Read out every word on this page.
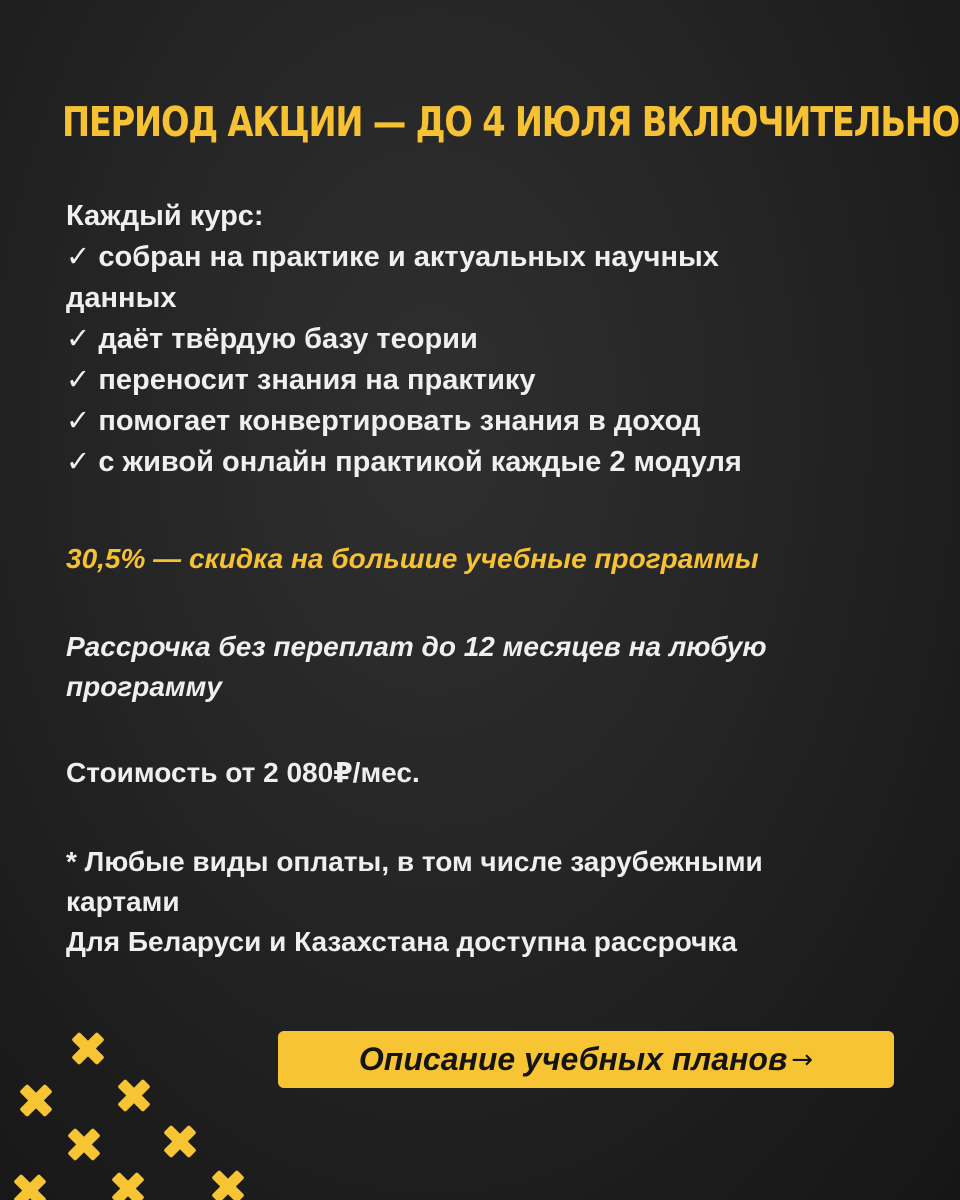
ПЕРИОД АКЦИИ — ДО 4 ИЮЛЯ ВКЛЮЧИТЕЛЬНО

Каждый курс:

✓ собран на практике и актуальных научных

данных

✓ даёт твёрдую базу теории

✓ переносит знания на практику

✓ помогает конвертировать знания в доход

✓ с живой онлайн практикой каждые 2 модуля

30,5% — скидка на большие учебные программы

Рассрочка без переплат до 12 месяцев на любую

программу

Стоимость от 2 080₽/мес.

* Любые виды оплаты, в том числе зарубежными

картами

Для Беларуси и Казахстана доступна рассрочка

Описание учебных планов →
